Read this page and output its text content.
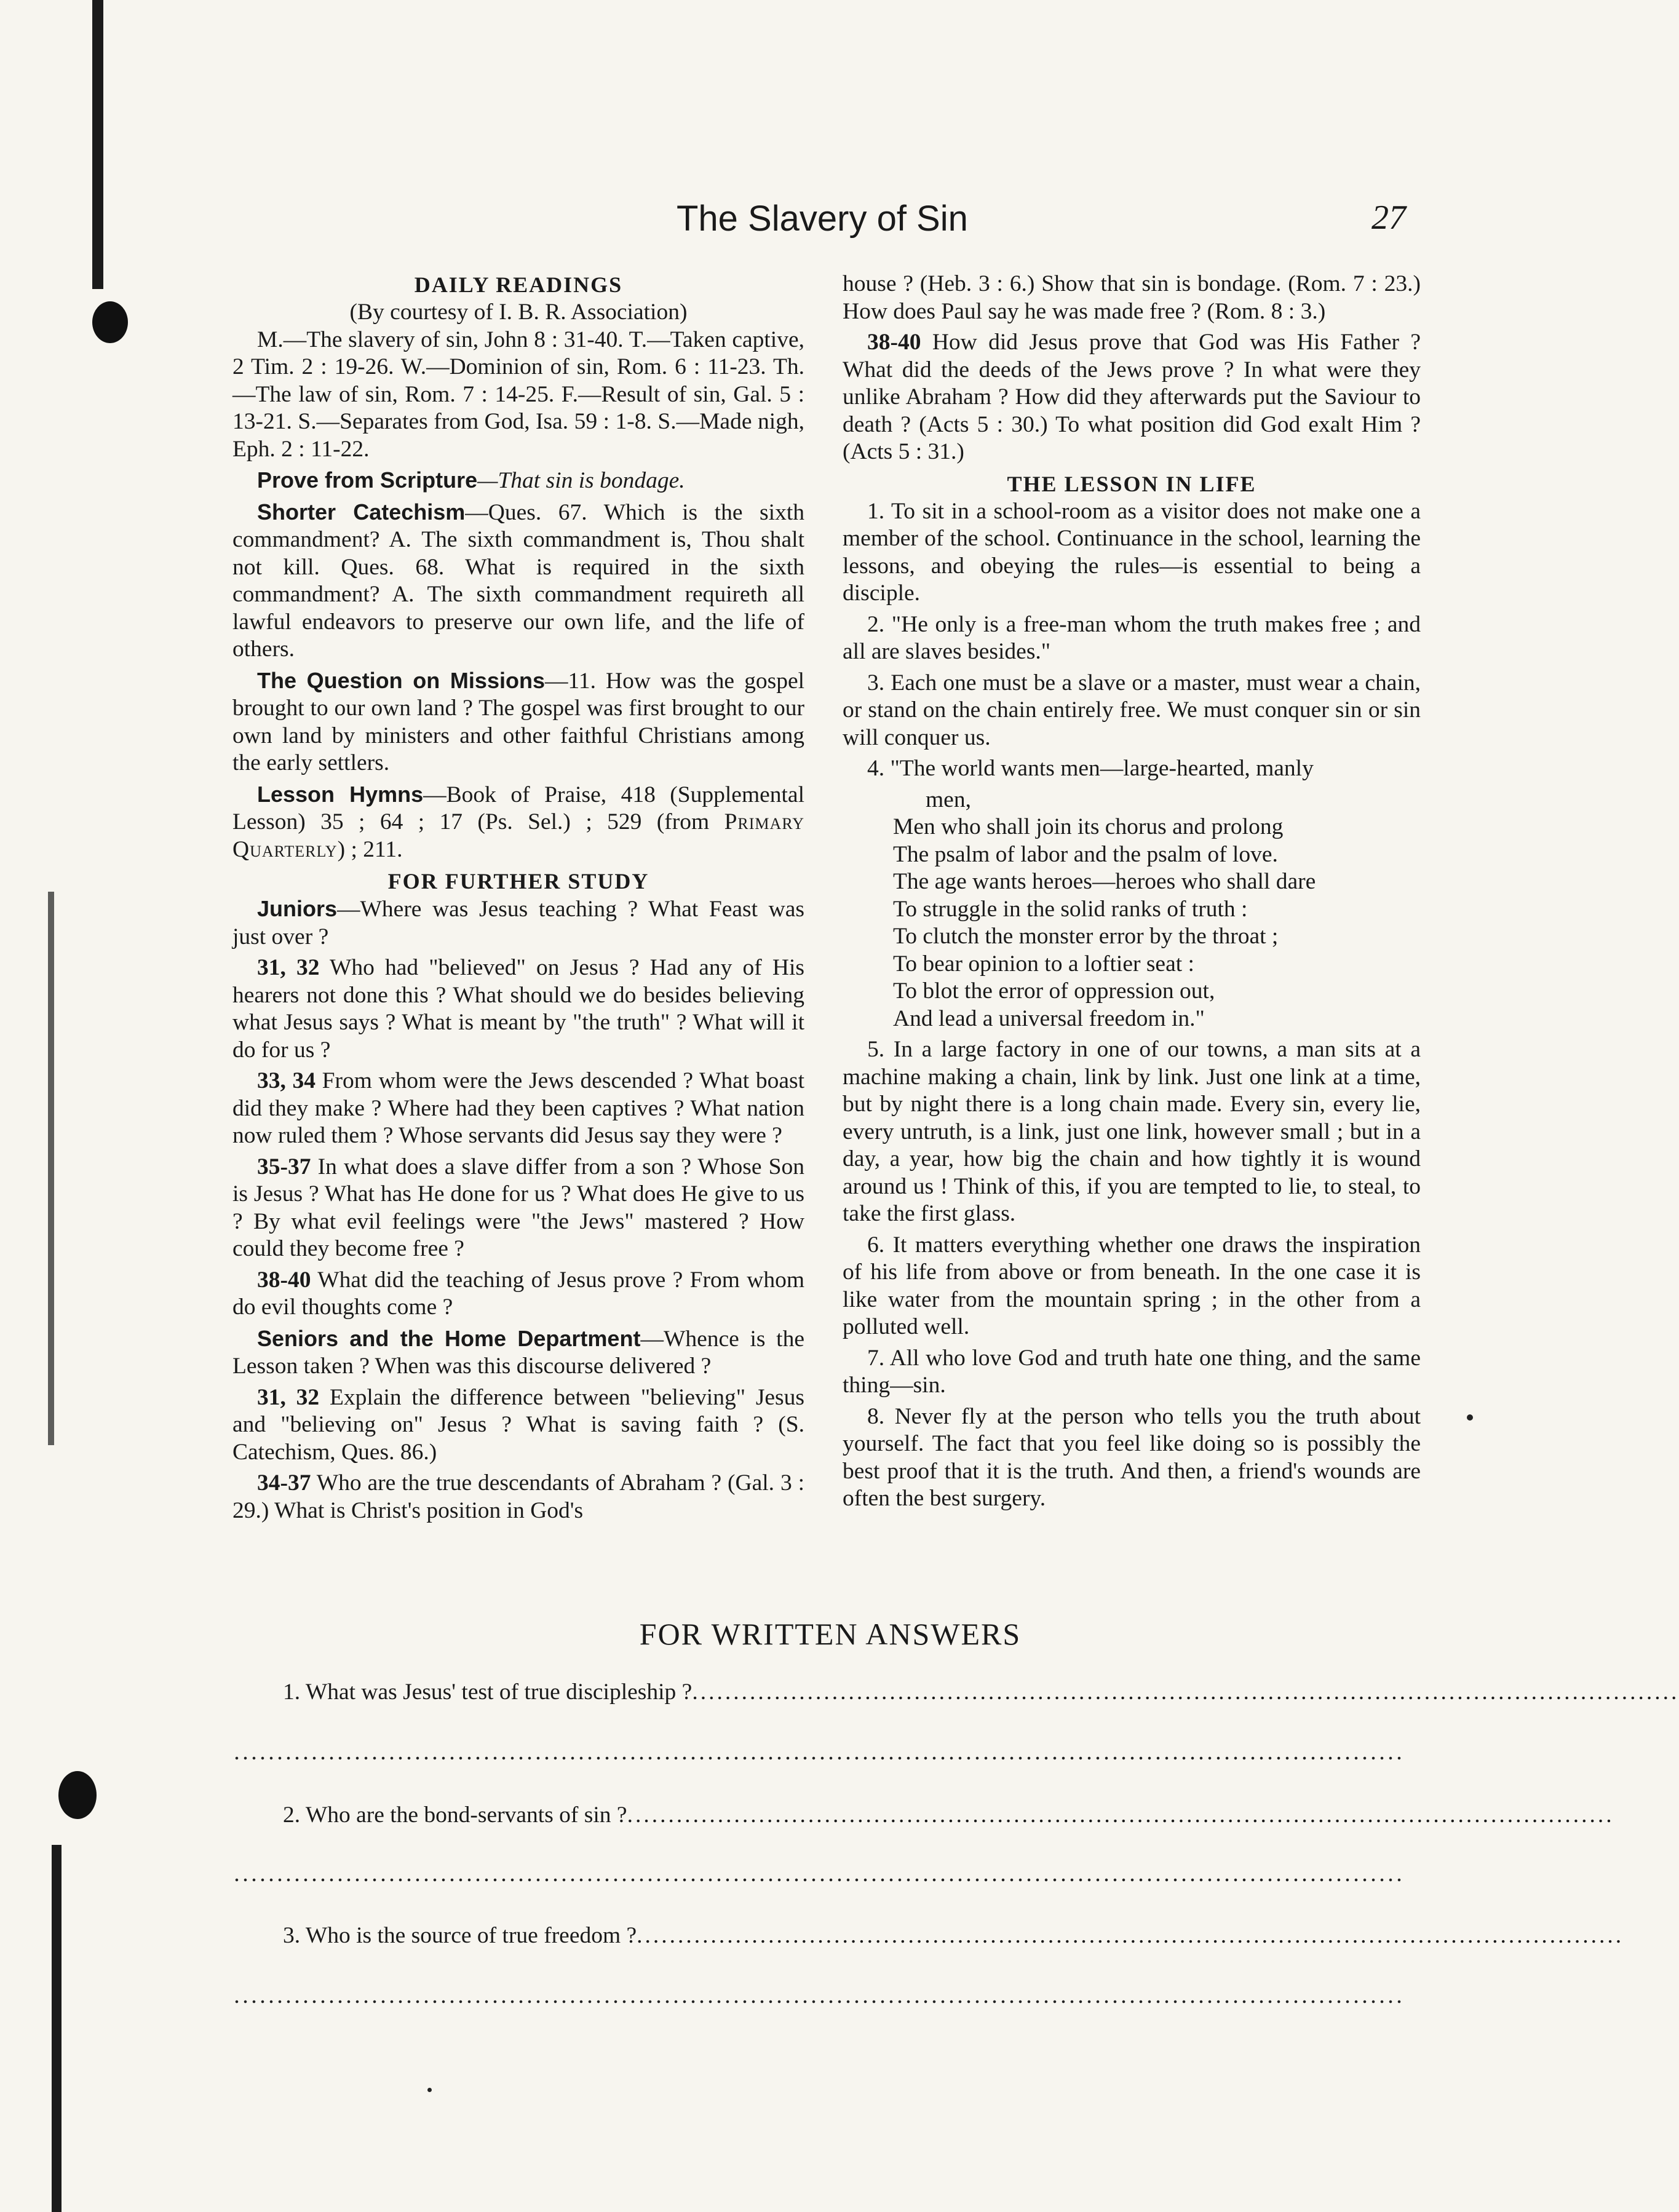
The Slavery of Sin	27

DAILY READINGS

(By courtesy of I. B. R. Association)

M.—The slavery of sin, John 8 : 31-40. T.—Taken captive, 2 Tim. 2 : 19-26. W.—Dominion of sin, Rom. 6 : 11-23. Th.—The law of sin, Rom. 7 : 14-25. F.—Result of sin, Gal. 5 : 13-21. S.—Separates from God, Isa. 59 : 1-8. S.—Made nigh, Eph. 2 : 11-22.

Prove from Scripture—That sin is bondage.

Shorter Catechism—Ques. 67. Which is the sixth commandment? A. The sixth commandment is, Thou shalt not kill. Ques. 68. What is required in the sixth commandment? A. The sixth commandment requireth all lawful endeavors to preserve our own life, and the life of others.

The Question on Missions—11. How was the gospel brought to our own land ? The gospel was first brought to our own land by ministers and other faithful Christians among the early settlers.

Lesson Hymns—Book of Praise, 418 (Supplemental Lesson) 35 ; 64 ; 17 (Ps. Sel.) ; 529 (from Primary Quarterly) ; 211.

FOR FURTHER STUDY

Juniors—Where was Jesus teaching ? What Feast was just over ?

31, 32 Who had "believed" on Jesus ? Had any of His hearers not done this ? What should we do besides believing what Jesus says ? What is meant by "the truth" ? What will it do for us ?

33, 34 From whom were the Jews descended ? What boast did they make ? Where had they been captives ? What nation now ruled them ? Whose servants did Jesus say they were ?

35-37 In what does a slave differ from a son ? Whose Son is Jesus ? What has He done for us ? What does He give to us ? By what evil feelings were "the Jews" mastered ? How could they become free ?

38-40 What did the teaching of Jesus prove ? From whom do evil thoughts come ?

Seniors and the Home Department—Whence is the Lesson taken ? When was this discourse delivered ?

31, 32 Explain the difference between "believing" Jesus and "believing on" Jesus ? What is saving faith ? (S. Catechism, Ques. 86.)

34-37 Who are the true descendants of Abraham ? (Gal. 3 : 29.) What is Christ's position in God's

house ? (Heb. 3 : 6.) Show that sin is bondage. (Rom. 7 : 23.) How does Paul say he was made free ? (Rom. 8 : 3.)

38-40 How did Jesus prove that God was His Father ? What did the deeds of the Jews prove ? In what were they unlike Abraham ? How did they afterwards put the Saviour to death ? (Acts 5 : 30.) To what position did God exalt Him ? (Acts 5 : 31.)

THE LESSON IN LIFE

1. To sit in a school-room as a visitor does not make one a member of the school. Continuance in the school, learning the lessons, and obeying the rules—is essential to being a disciple.

2. "He only is a free-man whom the truth makes free ; and all are slaves besides."

3. Each one must be a slave or a master, must wear a chain, or stand on the chain entirely free. We must conquer sin or sin will conquer us.

4. "The world wants men—large-hearted, manly

men,
Men who shall join its chorus and prolong
The psalm of labor and the psalm of love.
The age wants heroes—heroes who shall dare
To struggle in the solid ranks of truth :
To clutch the monster error by the throat ;
To bear opinion to a loftier seat :
To blot the error of oppression out,
And lead a universal freedom in."

5. In a large factory in one of our towns, a man sits at a machine making a chain, link by link. Just one link at a time, but by night there is a long chain made. Every sin, every lie, every untruth, is a link, just one link, however small ; but in a day, a year, how big the chain and how tightly it is wound around us ! Think of this, if you are tempted to lie, to steal, to take the first glass.

6. It matters everything whether one draws the inspiration of his life from above or from beneath. In the one case it is like water from the mountain spring ; in the other from a polluted well.

7. All who love God and truth hate one thing, and the same thing—sin.

8. Never fly at the person who tells you the truth about yourself. The fact that you feel like doing so is possibly the best proof that it is the truth. And then, a friend's wounds are often the best surgery.

FOR WRITTEN ANSWERS
1. What was Jesus' test of true discipleship ?........................................................................................................................
2. Who are the bond-servants of sin ?........................................................................................................................
3. Who is the source of true freedom ?........................................................................................................................
